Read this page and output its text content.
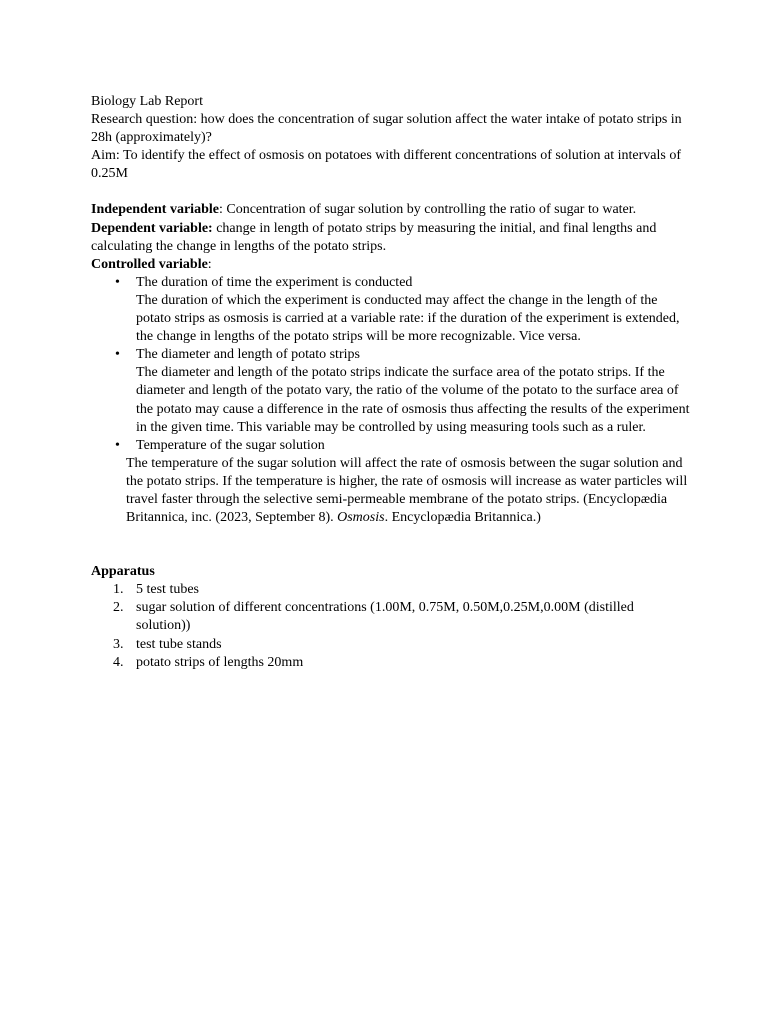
Biology Lab Report

Research question: how does the concentration of sugar solution affect the water intake of potato strips in 28h (approximately)?

Aim: To identify the effect of osmosis on potatoes with different concentrations of solution at intervals of 0.25M

Independent variable: Concentration of sugar solution by controlling the ratio of sugar to water.

Dependent variable: change in length of potato strips by measuring the initial, and final lengths and calculating the change in lengths of the potato strips.

Controlled variable:

• The duration of time the experiment is conducted
The duration of which the experiment is conducted may affect the change in the length of the potato strips as osmosis is carried at a variable rate: if the duration of the experiment is extended, the change in lengths of the potato strips will be more recognizable. Vice versa.
• The diameter and length of potato strips
The diameter and length of the potato strips indicate the surface area of the potato strips. If the diameter and length of the potato vary, the ratio of the volume of the potato to the surface area of the potato may cause a difference in the rate of osmosis thus affecting the results of the experiment in the given time. This variable may be controlled by using measuring tools such as a ruler.
• Temperature of the sugar solution

The temperature of the sugar solution will affect the rate of osmosis between the sugar solution and the potato strips. If the temperature is higher, the rate of osmosis will increase as water particles will travel faster through the selective semi-permeable membrane of the potato strips. (Encyclopædia Britannica, inc. (2023, September 8). Osmosis. Encyclopædia Britannica.)

Apparatus

1. 5 test tubes
2. sugar solution of different concentrations (1.00M, 0.75M, 0.50M,0.25M,0.00M (distilled solution))
3. test tube stands
4. potato strips of lengths 20mm
